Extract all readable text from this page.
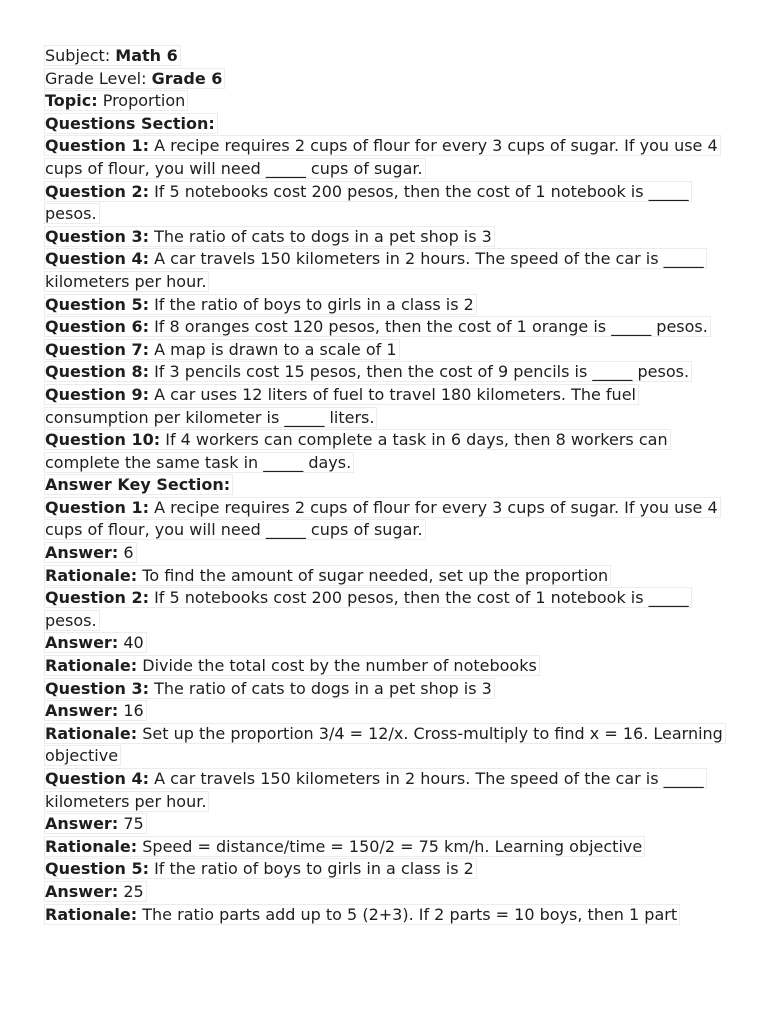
Subject: Math 6

Grade Level: Grade 6

Topic: Proportion

Questions Section:

Question 1: A recipe requires 2 cups of flour for every 3 cups of sugar. If you use 4 cups of flour, you will need _____ cups of sugar.

Question 2: If 5 notebooks cost 200 pesos, then the cost of 1 notebook is _____ pesos.

Question 3: The ratio of cats to dogs in a pet shop is 3

Question 4: A car travels 150 kilometers in 2 hours. The speed of the car is _____ kilometers per hour.

Question 5: If the ratio of boys to girls in a class is 2

Question 6: If 8 oranges cost 120 pesos, then the cost of 1 orange is _____ pesos.

Question 7: A map is drawn to a scale of 1

Question 8: If 3 pencils cost 15 pesos, then the cost of 9 pencils is _____ pesos.

Question 9: A car uses 12 liters of fuel to travel 180 kilometers. The fuel consumption per kilometer is _____ liters.

Question 10: If 4 workers can complete a task in 6 days, then 8 workers can complete the same task in _____ days.

Answer Key Section:

Question 1: A recipe requires 2 cups of flour for every 3 cups of sugar. If you use 4 cups of flour, you will need _____ cups of sugar.

Answer: 6

Rationale: To find the amount of sugar needed, set up the proportion

Question 2: If 5 notebooks cost 200 pesos, then the cost of 1 notebook is _____ pesos.

Answer: 40

Rationale: Divide the total cost by the number of notebooks

Question 3: The ratio of cats to dogs in a pet shop is 3

Answer: 16

Rationale: Set up the proportion 3/4 = 12/x. Cross-multiply to find x = 16. Learning objective

Question 4: A car travels 150 kilometers in 2 hours. The speed of the car is _____ kilometers per hour.

Answer: 75

Rationale: Speed = distance/time = 150/2 = 75 km/h. Learning objective

Question 5: If the ratio of boys to girls in a class is 2

Answer: 25

Rationale: The ratio parts add up to 5 (2+3). If 2 parts = 10 boys, then 1 part
